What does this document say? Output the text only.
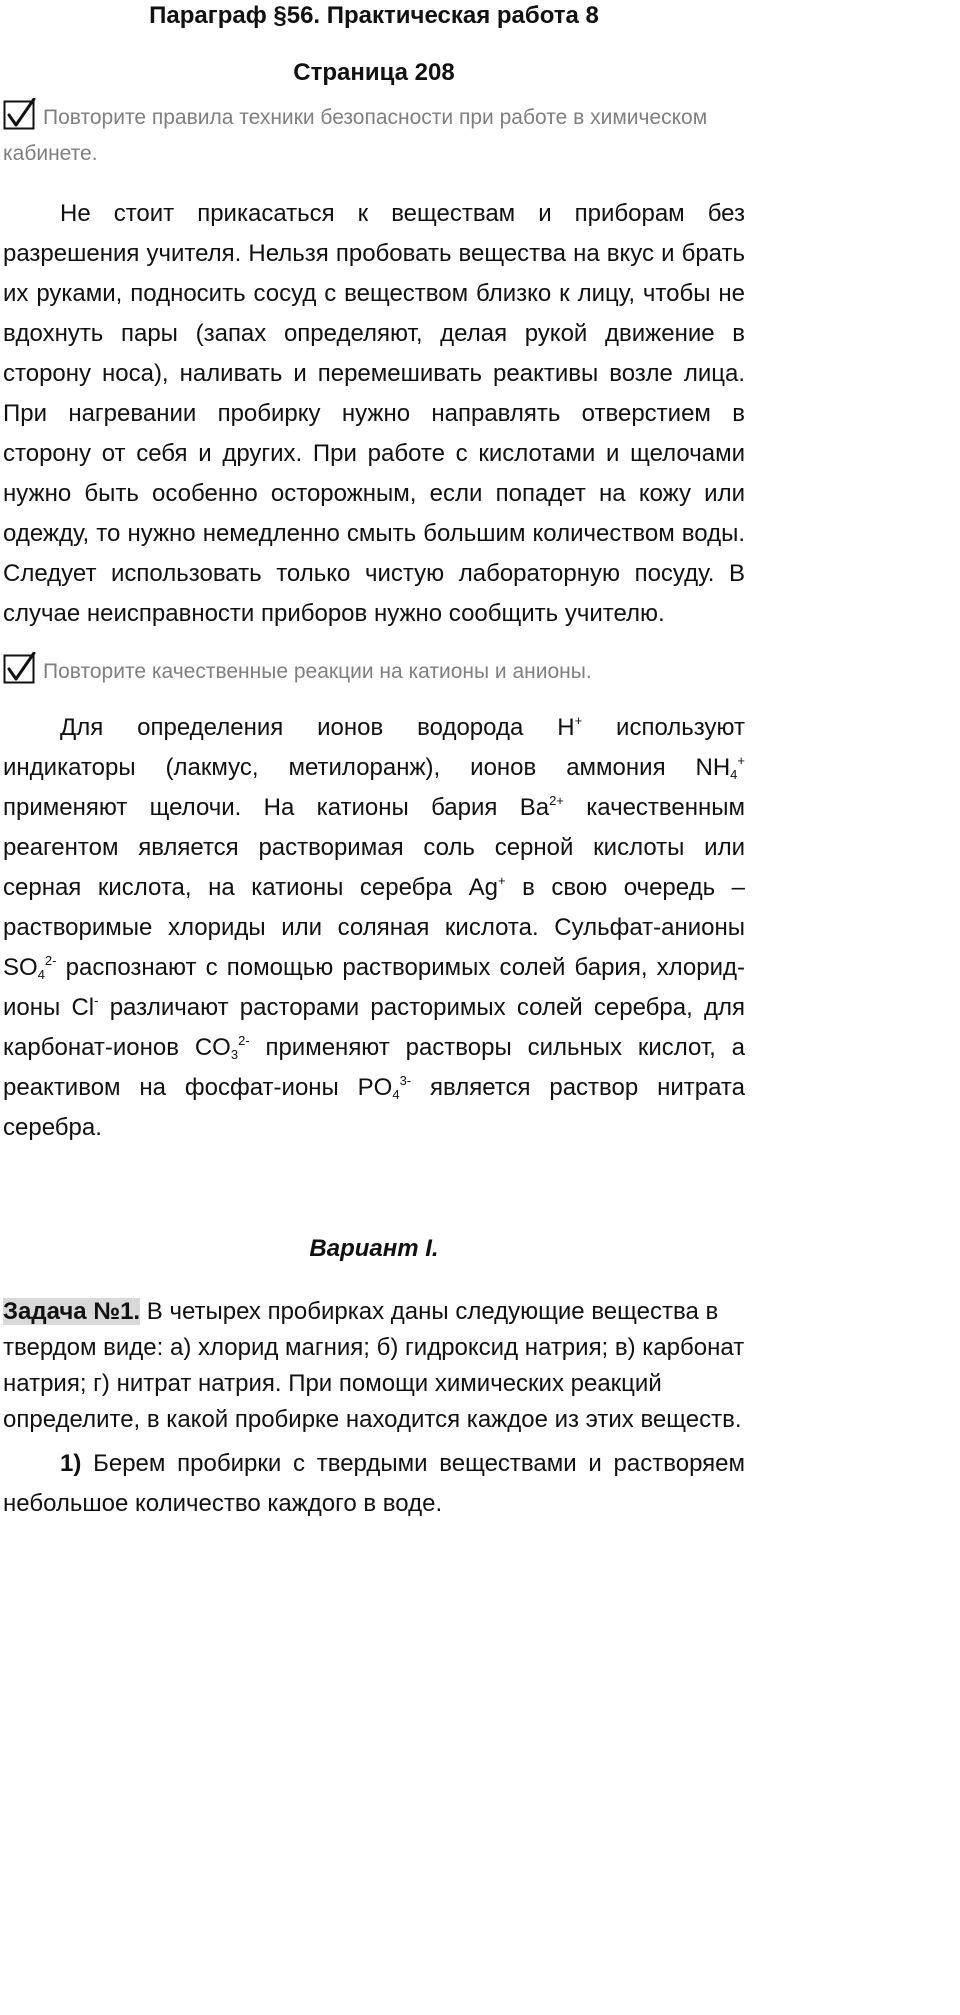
Параграф §56. Практическая работа 8
Страница 208
Повторите правила техники безопасности при работе в химическом кабинете.

Не стоит прикасаться к веществам и приборам без разрешения учителя. Нельзя пробовать вещества на вкус и брать их руками, подносить сосуд с веществом близко к лицу, чтобы не вдохнуть пары (запах определяют, делая рукой движение в сторону носа), наливать и перемешивать реактивы возле лица. При нагревании пробирку нужно направлять отверстием в сторону от себя и других. При работе с кислотами и щелочами нужно быть особенно осторожным, если попадет на кожу или одежду, то нужно немедленно смыть большим количеством воды. Следует использовать только чистую лабораторную посуду. В случае неисправности приборов нужно сообщить учителю.

Повторите качественные реакции на катионы и анионы.

Для определения ионов водорода H+ используют индикаторы (лакмус, метилоранж), ионов аммония $NH_4^+$ применяют щелочи. На катионы бария $Ba^{2+}$ качественным реагентом является растворимая соль серной кислоты или серная кислота, на катионы серебра Ag+ в свою очередь – растворимые хлориды или соляная кислота. Сульфат-анионы $SO_4^{2-}$ распознают с помощью растворимых солей бария, хлорид-ионы Cl- различают расторами расторимых солей серебра, для карбонат-ионов $CO_3^{2-}$ применяют растворы сильных кислот, а реактивом на фосфат-ионы $PO_4^{3-}$ является раствор нитрата серебра.

Вариант I.
Задача №1. В четырех пробирках даны следующие вещества в твердом виде: а) хлорид магния; б) гидроксид натрия; в) карбонат натрия; г) нитрат натрия. При помощи химических реакций определите, в какой пробирке находится каждое из этих веществ.
1) Берем пробирки с твердыми веществами и растворяем небольшое количество каждого в воде.
